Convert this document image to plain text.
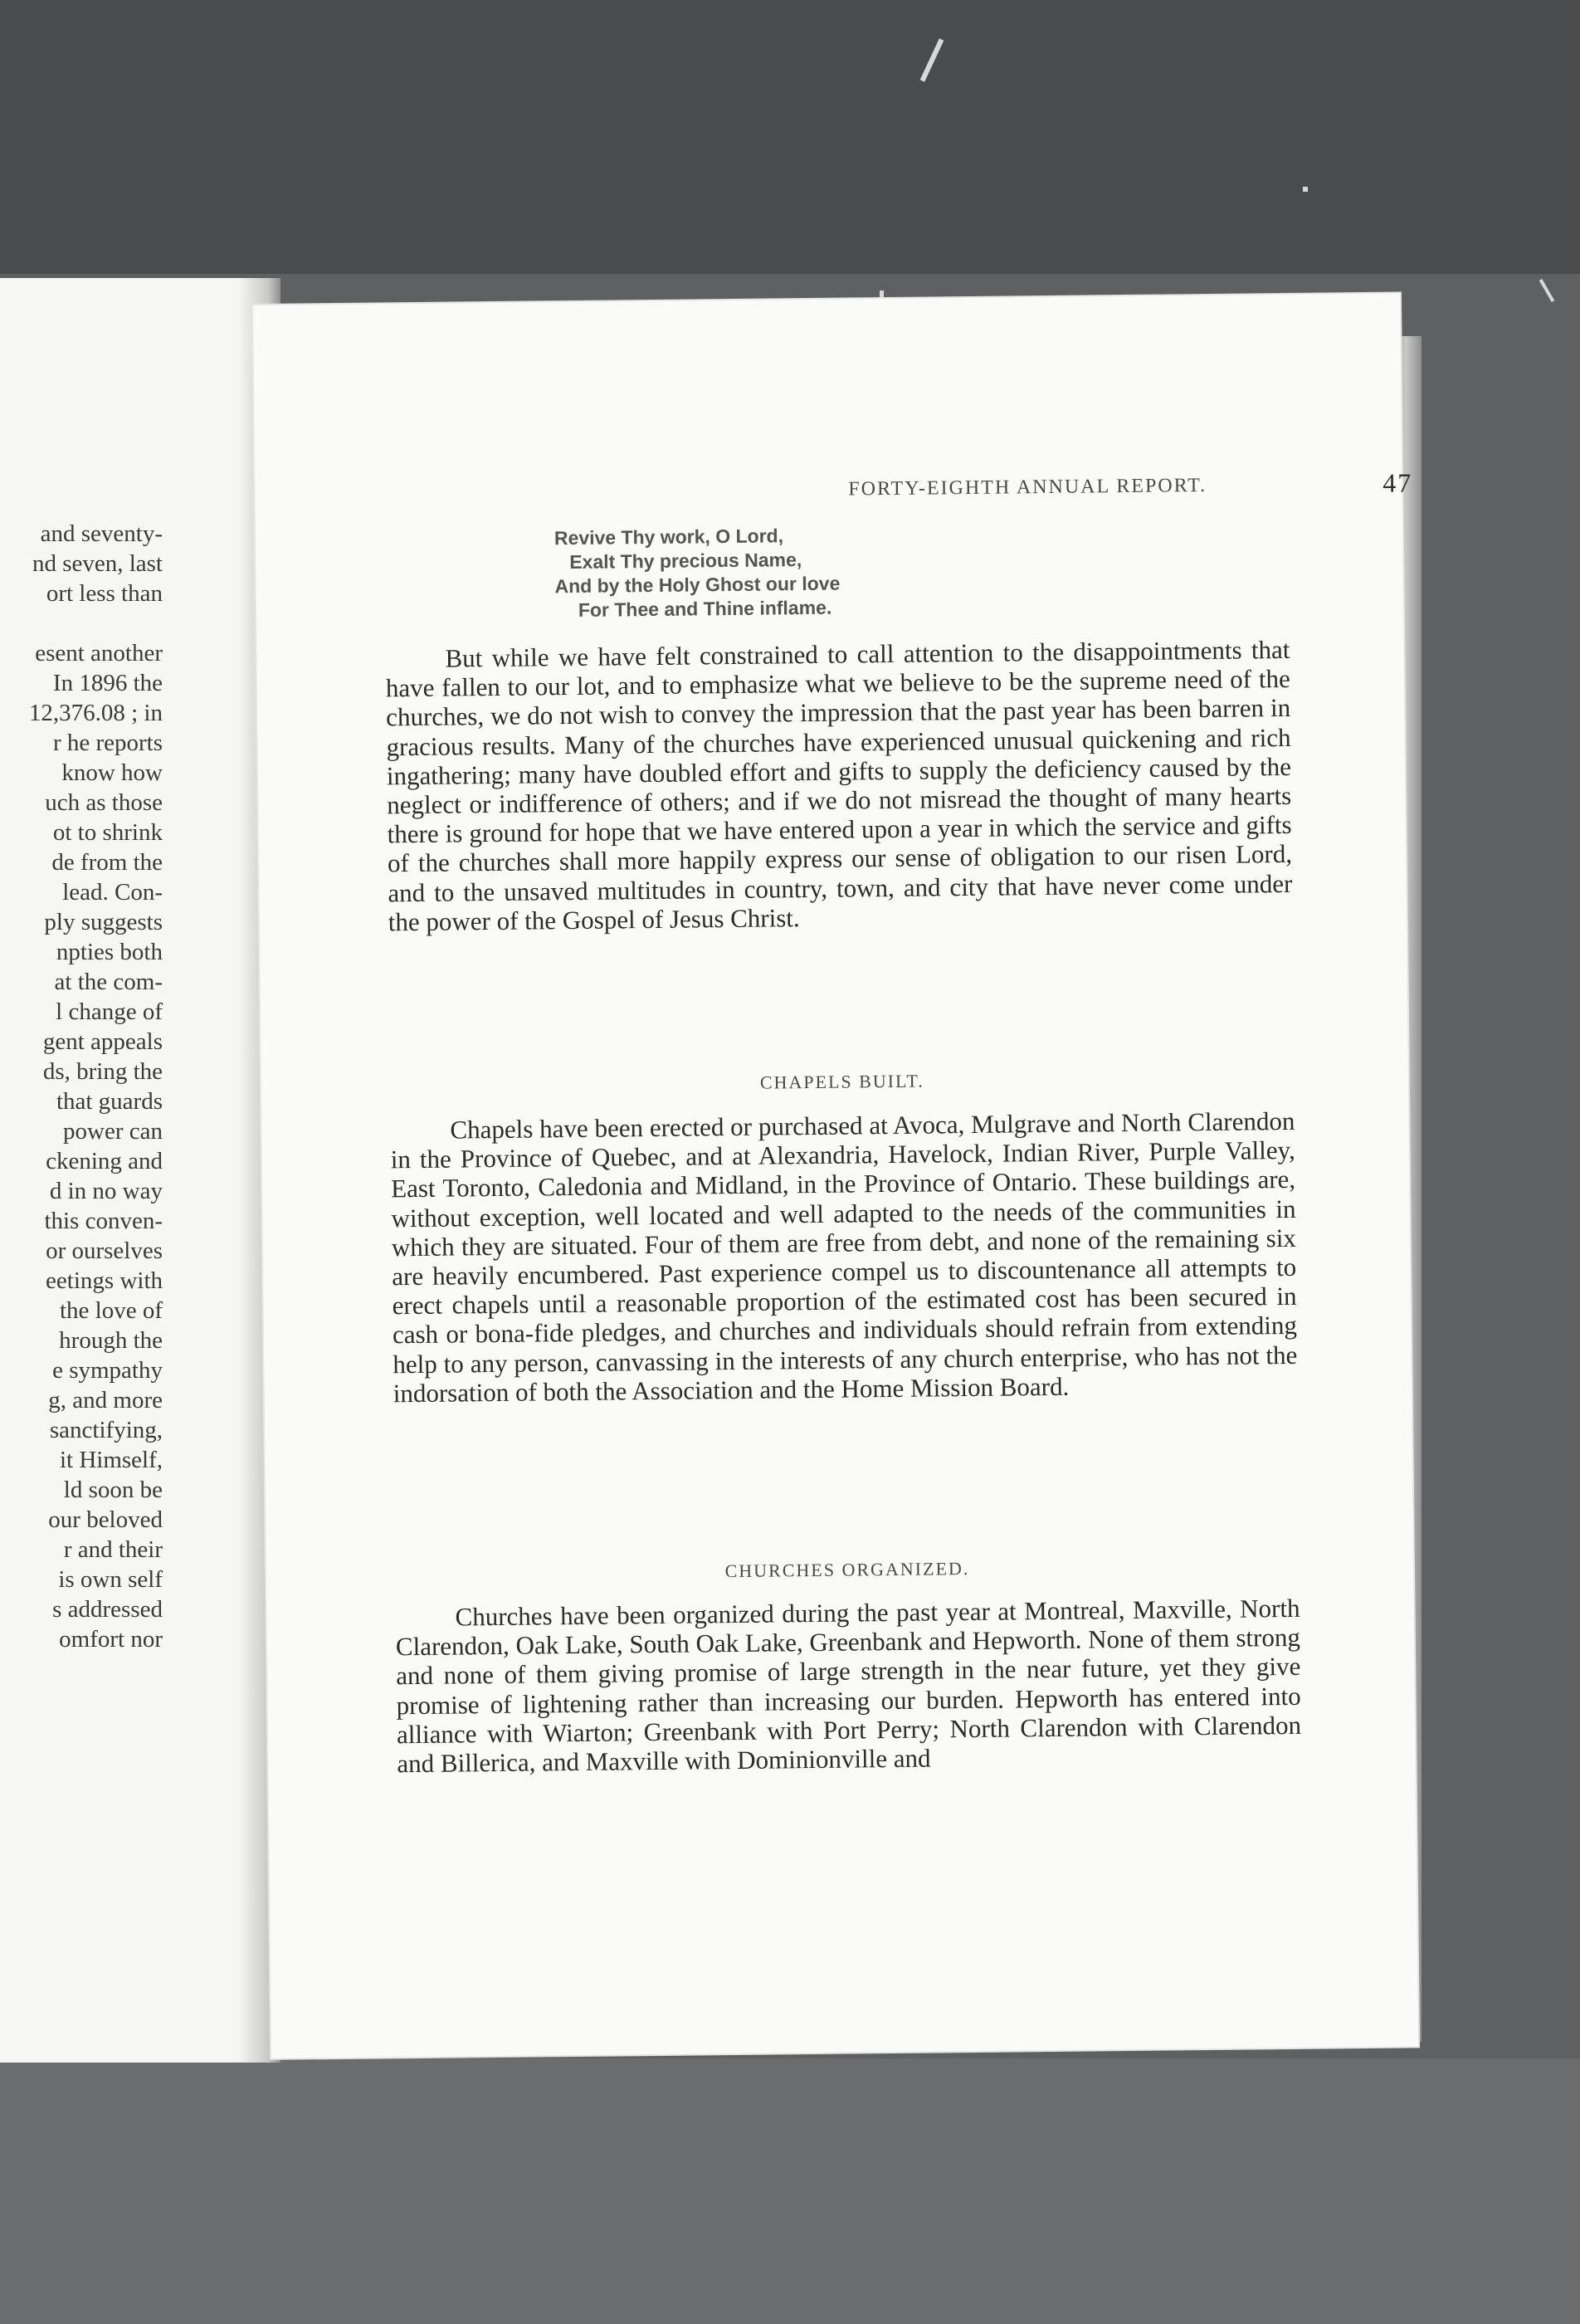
and seventy-
nd seven, last
ort less than
esent another
In 1896 the
12,376.08 ; in
r he reports
know how
uch as those
ot to shrink
de from the
lead. Con-
ply suggests
npties both
at the com-
l change of
gent appeals
ds, bring the
that guards
power can
ckening and
d in no way
this conven-
or ourselves
eetings with
the love of
hrough the
e sympathy
g, and more
sanctifying,
it Himself,
ld soon be
our beloved
r and their
is own self
s addressed
omfort nor
FORTY-EIGHTH ANNUAL REPORT.	47
Revive Thy work, O Lord,
Exalt Thy precious Name,
And by the Holy Ghost our love
For Thee and Thine inflame.

But while we have felt constrained to call attention to the disappointments that have fallen to our lot, and to emphasize what we believe to be the supreme need of the churches, we do not wish to convey the impression that the past year has been barren in gracious results. Many of the churches have experienced unusual quickening and rich ingathering; many have doubled effort and gifts to supply the deficiency caused by the neglect or indifference of others; and if we do not misread the thought of many hearts there is ground for hope that we have entered upon a year in which the service and gifts of the churches shall more happily express our sense of obligation to our risen Lord, and to the unsaved multitudes in country, town, and city that have never come under the power of the Gospel of Jesus Christ.

CHAPELS BUILT.

Chapels have been erected or purchased at Avoca, Mulgrave and North Clarendon in the Province of Quebec, and at Alexandria, Havelock, Indian River, Purple Valley, East Toronto, Caledonia and Midland, in the Province of Ontario. These buildings are, without exception, well located and well adapted to the needs of the communities in which they are situated. Four of them are free from debt, and none of the remaining six are heavily encumbered. Past experience compel us to discountenance all attempts to erect chapels until a reasonable proportion of the estimated cost has been secured in cash or bona-fide pledges, and churches and individuals should refrain from extending help to any person, canvassing in the interests of any church enterprise, who has not the indorsation of both the Association and the Home Mission Board.

CHURCHES ORGANIZED.

Churches have been organized during the past year at Montreal, Maxville, North Clarendon, Oak Lake, South Oak Lake, Greenbank and Hepworth. None of them strong and none of them giving promise of large strength in the near future, yet they give promise of lightening rather than increasing our burden. Hepworth has entered into alliance with Wiarton; Greenbank with Port Perry; North Clarendon with Clarendon and Billerica, and Maxville with Dominionville and
